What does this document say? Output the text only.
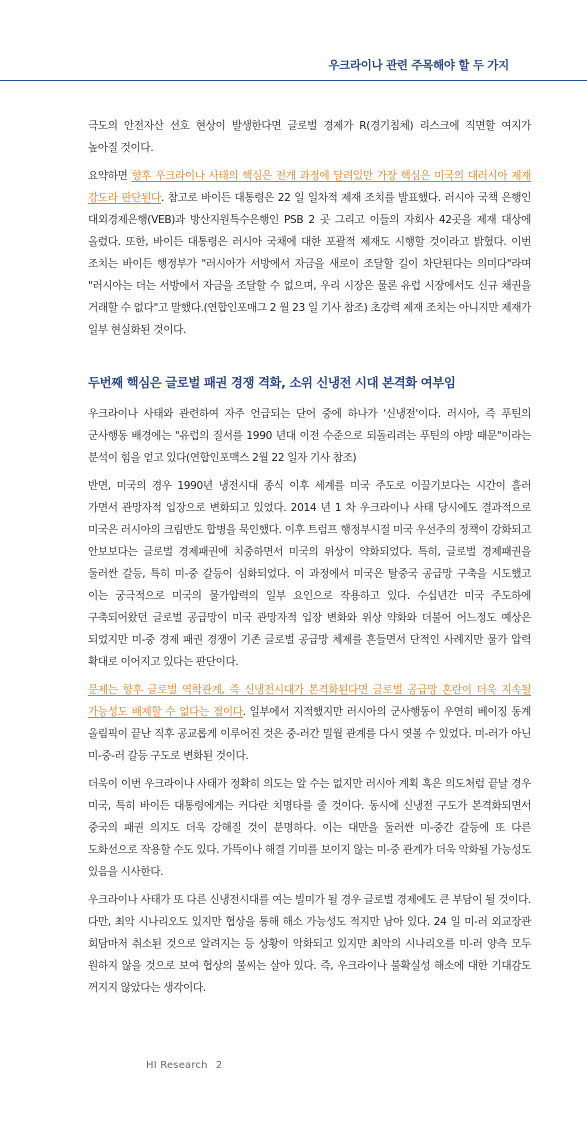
우크라이나 관련 주목해야 할 두 가지

극도의 안전자산 선호 현상이 발생한다면 글로벌 경제가 R(경기침체) 리스크에 직면할 여지가 높아질 것이다.

요약하면 향후 우크라이나 사태의 핵심은 전개 과정에 달려있만 가장 핵심은 미국의 대러시아 제재 강도라 판단된다. 참고로 바이든 대통령은 22 일 일차적 제재 조치를 발표했다. 러시아 국책 은행인 대외경제은행(VEB)과 방산지원특수은행인 PSB 2 곳 그리고 이들의 자회사 42곳을 제재 대상에 올렸다. 또한, 바이든 대통령은 러시아 국채에 대한 포괄적 제재도 시행할 것이라고 밝혔다. 이번 조치는 바이든 행정부가 "러시아가 서방에서 자금을 새로이 조달할 길이 차단된다는 의미다"라며 "러시아는 더는 서방에서 자금을 조달할 수 없으며, 우리 시장은 물론 유럽 시장에서도 신규 채권을 거래할 수 없다"고 말했다.(연합인포매그 2 월 23 일 기사 참조) 초강력 제재 조치는 아니지만 제재가 일부 현실화된 것이다.

두번째 핵심은 글로벌 패권 경쟁 격화, 소위 신냉전 시대 본격화 여부임

우크라이나 사태와 관련하여 자주 언급되는 단어 중에 하나가 '신냉전'이다. 러시아, 즉 푸틴의 군사행동 배경에는 "유럽의 질서를 1990 년대 이전 수준으로 되돌리려는 푸틴의 야망 때문"이라는 분석이 힘을 얻고 있다(연합인포맥스 2월 22 일자 기사 참조)

반면, 미국의 경우 1990년 냉전시대 종식 이후 세계를 미국 주도로 이끌기보다는 시간이 흘러 가면서 관망자적 입장으로 변화되고 있었다. 2014 년 1 차 우크라이나 사태 당시에도 결과적으로 미국은 러시아의 크림반도 합병을 묵인했다. 이후 트럼프 행정부시절 미국 우선주의 정책이 강화되고 안보보다는 글로벌 경제패권에 치중하면서 미국의 위상이 약화되었다. 특히, 글로벌 경제패권을 둘러싼 갈등, 특히 미-중 갈등이 심화되었다. 이 과정에서 미국은 탈중국 공급망 구축을 시도했고 이는 궁극적으로 미국의 물가압력의 일부 요인으로 작용하고 있다. 수십년간 미국 주도하에 구축되어왔던 글로벌 공급망이 미국 관망자적 입장 변화와 위상 약화와 더불어 어느정도 예상은 되었지만 미-중 경제 패권 경쟁이 기존 글로벌 공급망 체제를 흔들면서 단적인 사례지만 물가 압력 확대로 이어지고 있다는 판단이다.

문제는 향후 글로벌 역학관계, 즉 신냉전시대가 본격화된다면 글로벌 공급망 혼란이 더욱 지속될 가능성도 배제할 수 없다는 점이다. 일부에서 지적했지만 러시아의 군사행동이 우연히 베이징 동계 올림픽이 끝난 직후 공교롭게 이루어진 것은 중-러간 밀월 관계를 다시 엿볼 수 있었다. 미-러가 아닌 미-중-러 갈등 구도로 변화된 것이다.

더욱이 이번 우크라이나 사태가 정확히 의도는 알 수는 없지만 러시아 계획 혹은 의도처럼 끝날 경우 미국, 특히 바이든 대통령에게는 커다란 치명타를 줄 것이다. 동시에 신냉전 구도가 본격화되면서 중국의 패권 의지도 더욱 강해질 것이 분명하다. 이는 대만을 둘러싼 미-중간 갈등에 또 다른 도화선으로 작용할 수도 있다. 가뜩이나 해결 기미를 보이지 않는 미-중 관계가 더욱 악화될 가능성도 있음을 시사한다.

우크라이나 사태가 또 다른 신냉전시대를 여는 빌미가 될 경우 글로벌 경제에도 큰 부담이 될 것이다. 다만, 최악 시나리오도 있지만 협상을 통해 해소 가능성도 적지만 남아 있다. 24 일 미-러 외교장관 회담마저 취소된 것으로 알려지는 등 상황이 악화되고 있지만 최악의 시나리오를 미-러 양측 모두 원하지 않을 것으로 보여 협상의 불씨는 살아 있다. 즉, 우크라이나 불확실성 해소에 대한 기대감도 꺼지지 않았다는 생각이다.

HI Research 2
